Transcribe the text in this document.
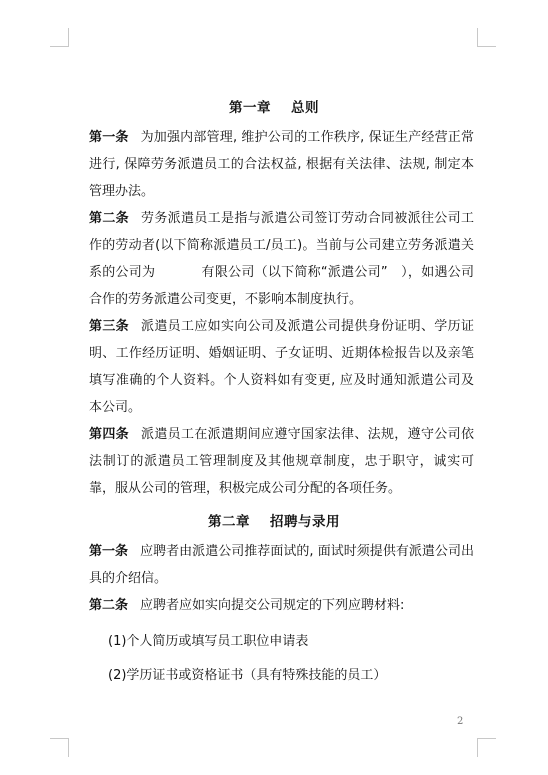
第一章 总则
第一条 为加强内部管理, 维护公司的工作秩序, 保证生产经营正常进行, 保障劳务派遣员工的合法权益, 根据有关法律、法规, 制定本管理办法。
第二条 劳务派遣员工是指与派遣公司签订劳动合同被派往公司工作的劳动者(以下简称派遣员工/员工)。当前与公司建立劳务派遣关系的公司为	有限公司（以下简称“派遣公司”　），如遇公司合作的劳务派遣公司变更，不影响本制度执行。
第三条 派遣员工应如实向公司及派遣公司提供身份证明、学历证明、工作经历证明、婚姻证明、子女证明、近期体检报告以及亲笔填写准确的个人资料。个人资料如有变更, 应及时通知派遣公司及本公司。
第四条 派遣员工在派遣期间应遵守国家法律、法规，遵守公司依法制订的派遣员工管理制度及其他规章制度，忠于职守，诚实可靠，服从公司的管理，积极完成公司分配的各项任务。
第二章 招聘与录用
第一条 应聘者由派遣公司推荐面试的, 面试时须提供有派遣公司出具的介绍信。
第二条 应聘者应如实向提交公司规定的下列应聘材料:
(1)个人简历或填写员工职位申请表
(2)学历证书或资格证书（具有特殊技能的员工）
2
